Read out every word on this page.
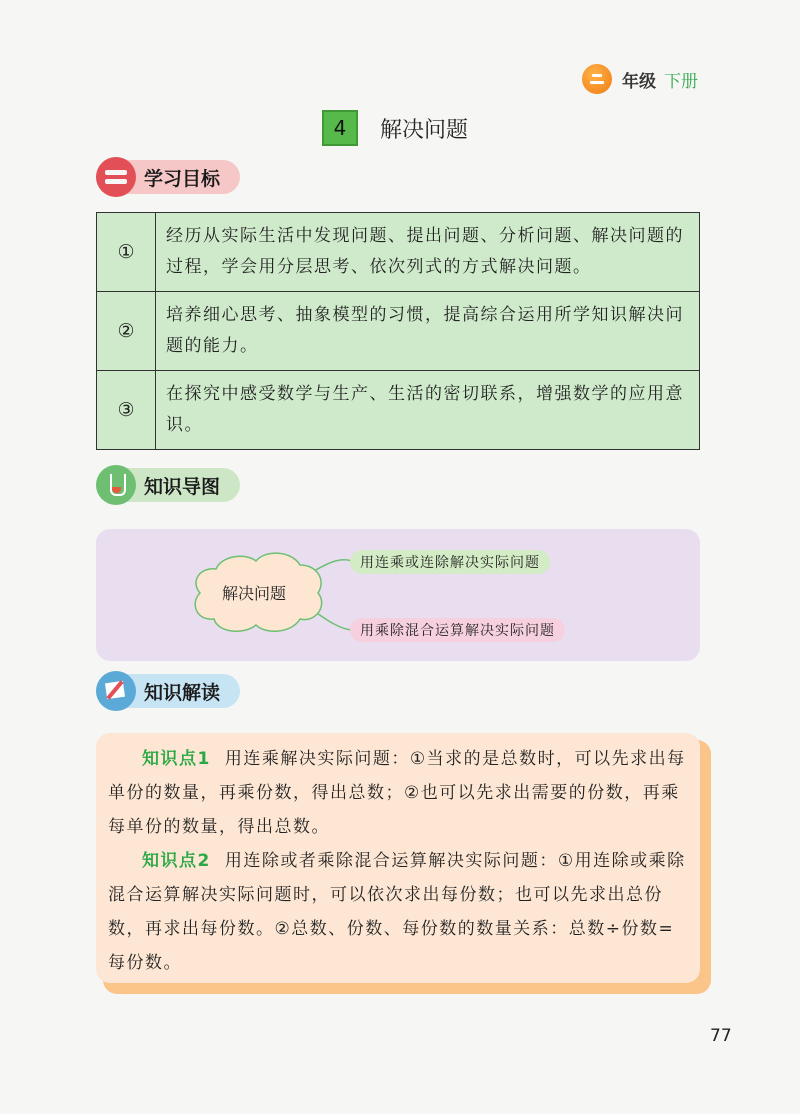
年级 下册
4	解决问题
学习目标
①	经历从实际生活中发现问题、提出问题、分析问题、解决问题的过程，学会用分层思考、依次列式的方式解决问题。
②	培养细心思考、抽象模型的习惯，提高综合运用所学知识解决问题的能力。
③	在探究中感受数学与生产、生活的密切联系，增强数学的应用意识。
知识导图
解决问题
用连乘或连除解决实际问题
用乘除混合运算解决实际问题
知识解读
知识点1 用连乘解决实际问题：①当求的是总数时，可以先求出每单份的数量，再乘份数，得出总数；②也可以先求出需要的份数，再乘每单份的数量，得出总数。
知识点2 用连除或者乘除混合运算解决实际问题：①用连除或乘除混合运算解决实际问题时，可以依次求出每份数；也可以先求出总份数，再求出每份数。②总数、份数、每份数的数量关系：总数÷份数=每份数。
77
